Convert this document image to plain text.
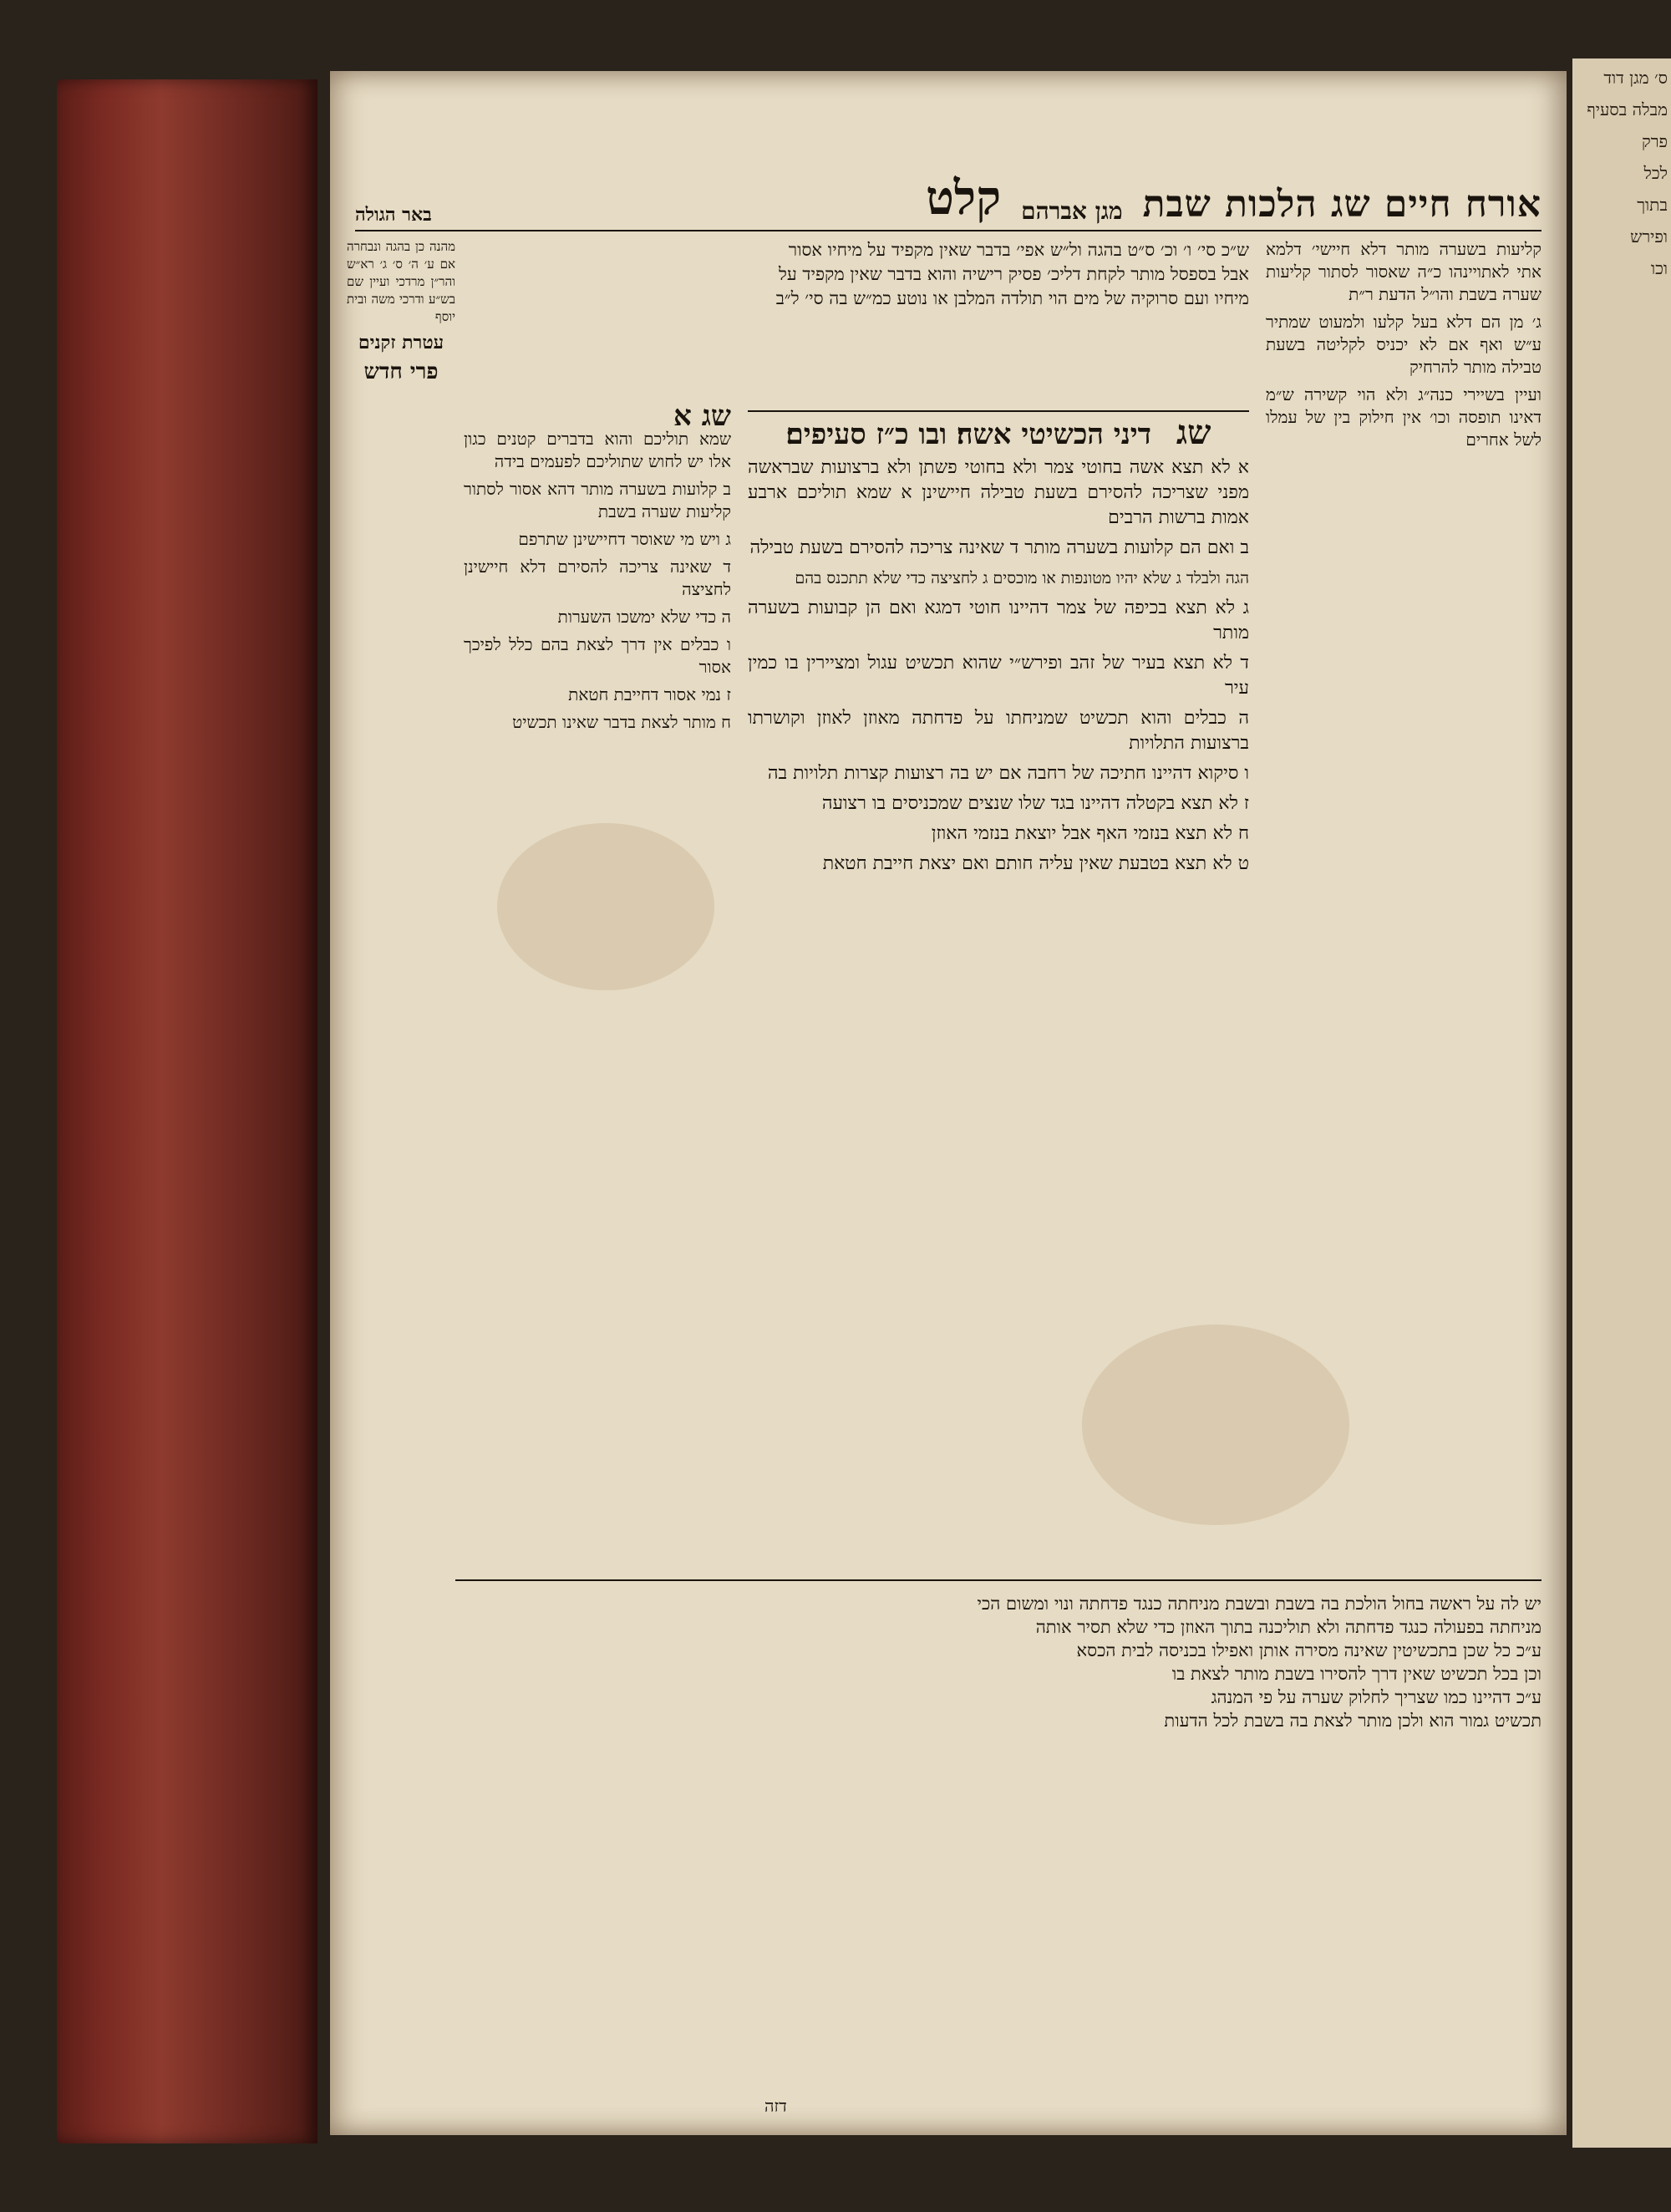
אורח חיים שג הלכות שבת
מגן אברהם
קלט
באר הגולה

קליעות בשערה מותר דלא חיישי׳ דלמא אתי לאתויינהו כ״ה שאסור לסתור קליעות שערה בשבת והו״ל הדעת ר״ת

ג׳ מן הם דלא בעל קלעו ולמעוט שמתיר ע״ש ואף אם לא יכניס לקליטה בשעת טבילה מותר להרחיק

ועיין בשיירי כנה״ג ולא הוי קשירה ש״מ דאינו תופסה וכו׳ אין חילוק בין של עמלו לשל אחרים

ש״כ סי׳ ו׳ וכ׳ ס״ט בהגה ול״ש אפי׳ בדבר שאין מקפיד על מיחיו אסור
אבל בספסל מותר לקחת דליכ׳ פסיק רישיה והוא בדבר שאין מקפיד על
מיחיו ועם סרוקיה של מים הוי תולדה המלבן או נוטע כמ״ש בה סי׳ ל״ב
שג דיני הכשיטי אשה׃ ובו כ״ז סעיפים׃

א לא תצא אשה בחוטי צמר ולא בחוטי פשתן ולא ברצועות שבראשה מפני שצריכה להסירם בשעת טבילה חיישינן א שמא תוליכם ארבע אמות ברשות הרבים

ב ואם הם קלועות בשערה מותר ד שאינה צריכה להסירם בשעת טבילה

הגה ולבלד ג שלא יהיו מטונפות או מוכסים ג לחציצה כדי שלא תתכנס בהם

ג לא תצא בכיפה של צמר דהיינו חוטי דמגא ואם הן קבועות בשערה מותר

ד לא תצא בעיר של זהב ופירש״י שהוא תכשיט עגול ומציירין בו כמין עיר

ה כבלים והוא תכשיט שמניחתו על פדחתה מאוזן לאוזן וקושרתו ברצועות התלויות

ו סיקוא דהיינו חתיכה של רחבה אם יש בה רצועות קצרות תלויות בה

ז לא תצא בקטלה דהיינו בגד שלו שנצים שמכניסים בו רצועה

ח לא תצא בנזמי האף אבל יוצאת בנזמי האוזן

ט לא תצא בטבעת שאין עליה חותם ואם יצאת חייבת חטאת

שג א

שמא תוליכם והוא בדברים קטנים כגון אלו יש לחוש שתוליכם לפעמים בידה

ב קלועות בשערה מותר דהא אסור לסתור קליעות שערה בשבת

ג ויש מי שאוסר דחיישינן שתרפם

ד שאינה צריכה להסירם דלא חיישינן לחציצה

ה כדי שלא ימשכו השערות

ו כבלים אין דרך לצאת בהם כלל לפיכך אסור

ז נמי אסור דחייבת חטאת

ח מותר לצאת בדבר שאינו תכשיט

מהנה כן בהגה ונבחרה אם ע׳ ה׳ ס׳ ג׳ רא״ש והר״ן מרדכי ועיין שם בש״ע ודרכי משה ובית יוסף

עטרת זקנים
פרי חדש
יש לה על ראשה בחול הולכת בה בשבת ובשבת מניחתה כנגד פדחתה ונוי ומשום הכי
מניחתה בפעולה כנגד פדחתה ולא תוליכנה בתוך האוזן כדי שלא תסיר אותה
ע״כ כל שכן בתכשיטין שאינה מסירה אותן ואפילו בכניסה לבית הכסא
וכן בכל תכשיט שאין דרך להסירו בשבת מותר לצאת בו
ע״כ דהיינו כמו שצריך לחלוק שערה על פי המנהג
תכשיט גמור הוא ולכן מותר לצאת בה בשבת לכל הדעות
דזה
ס׳ מגן דוד
מבלה בסעיף
פרק
לכל
בתוך
ופירש
וכו
